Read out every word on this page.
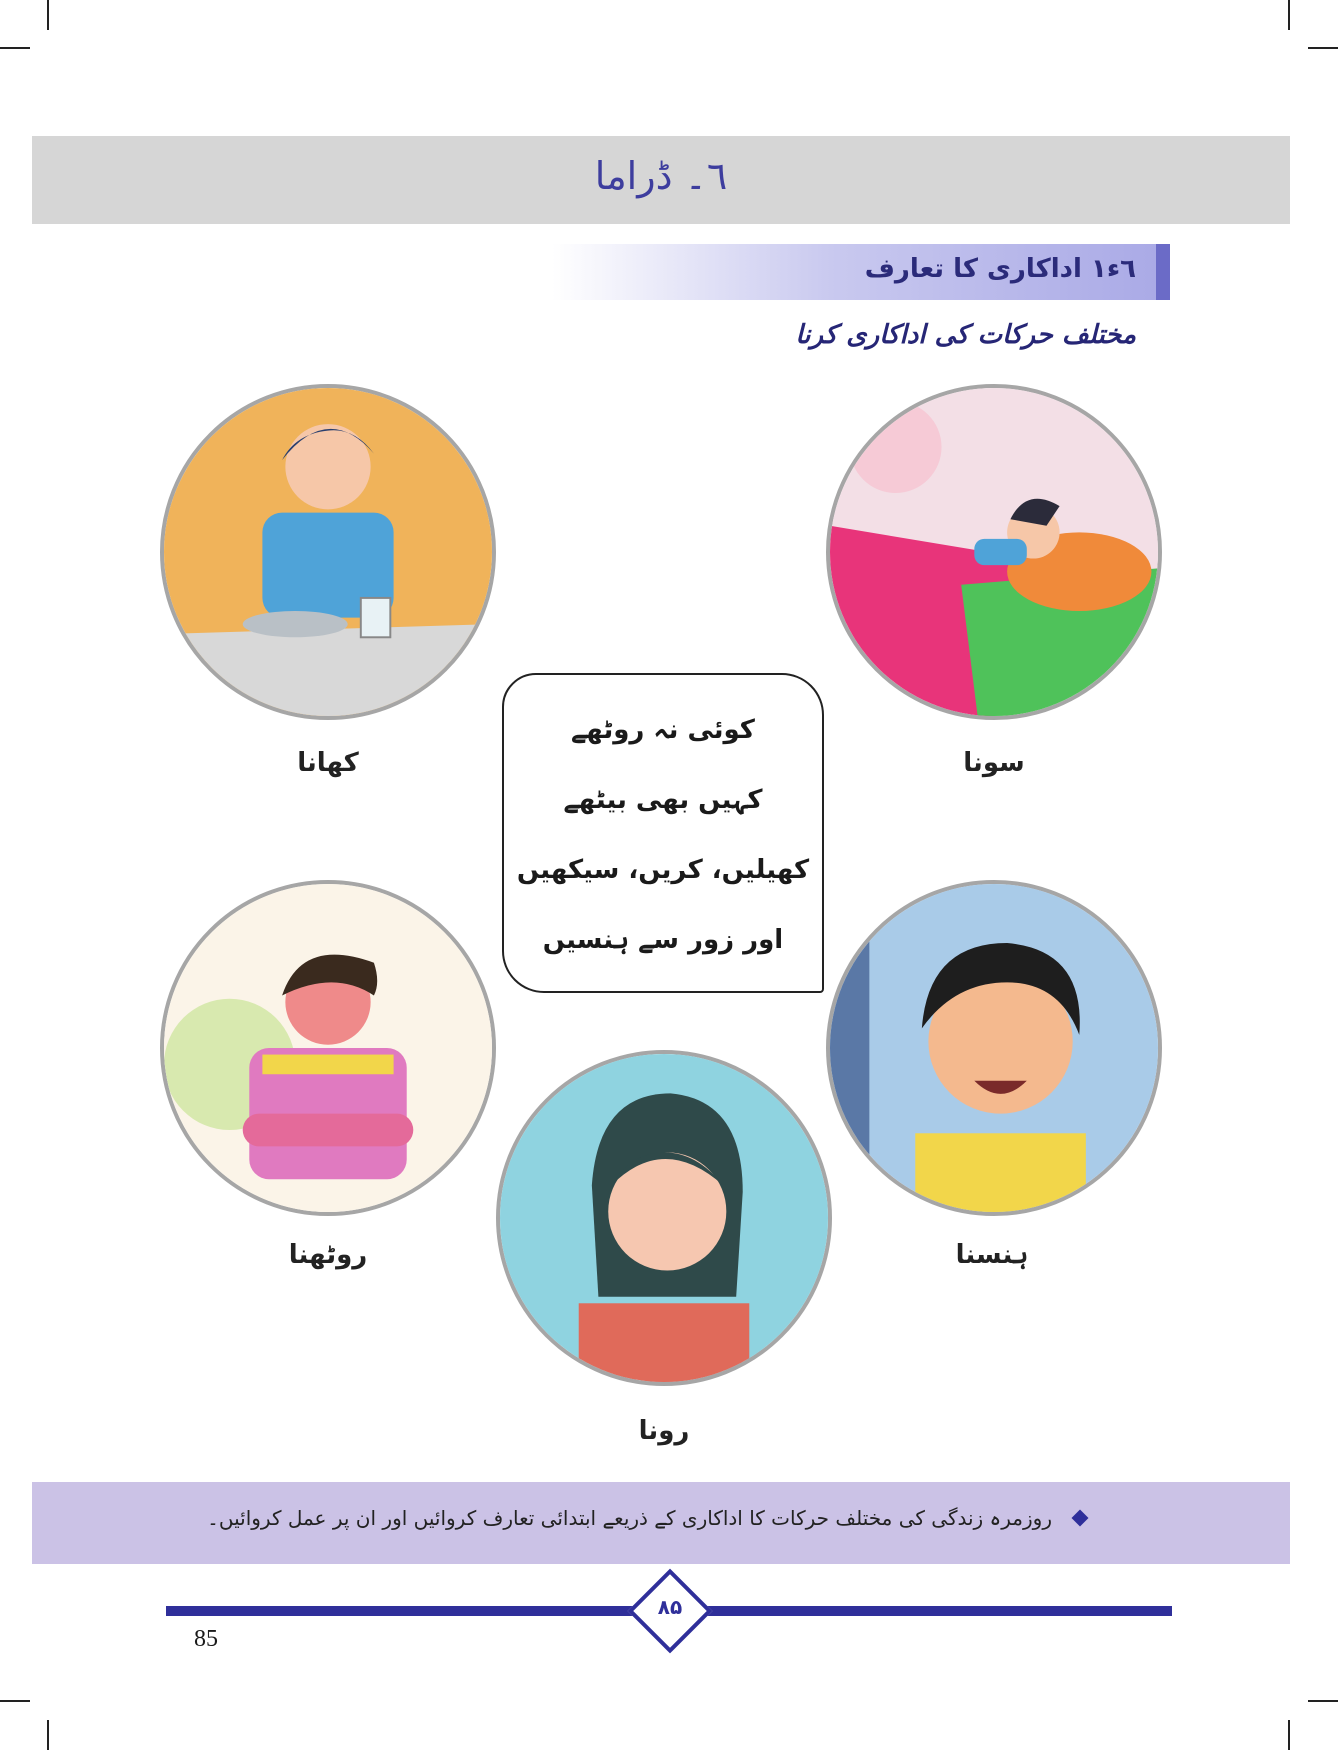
٦۔ ڈراما
٦ء١ اداکاری کا تعارف
مختلف حرکات کی اداکاری کرنا
کھانا	سونا
کوئی نہ روٹھے
کہیں بھی بیٹھے
کھیلیں، کریں، سیکھیں
اور زور سے ہنسیں
روٹھنا	ہنسنا
رونا
روزمرہ زندگی کی مختلف حرکات کا اداکاری کے ذریعے ابتدائی تعارف کروائیں اور ان پر عمل کروائیں۔
۸۵
85
